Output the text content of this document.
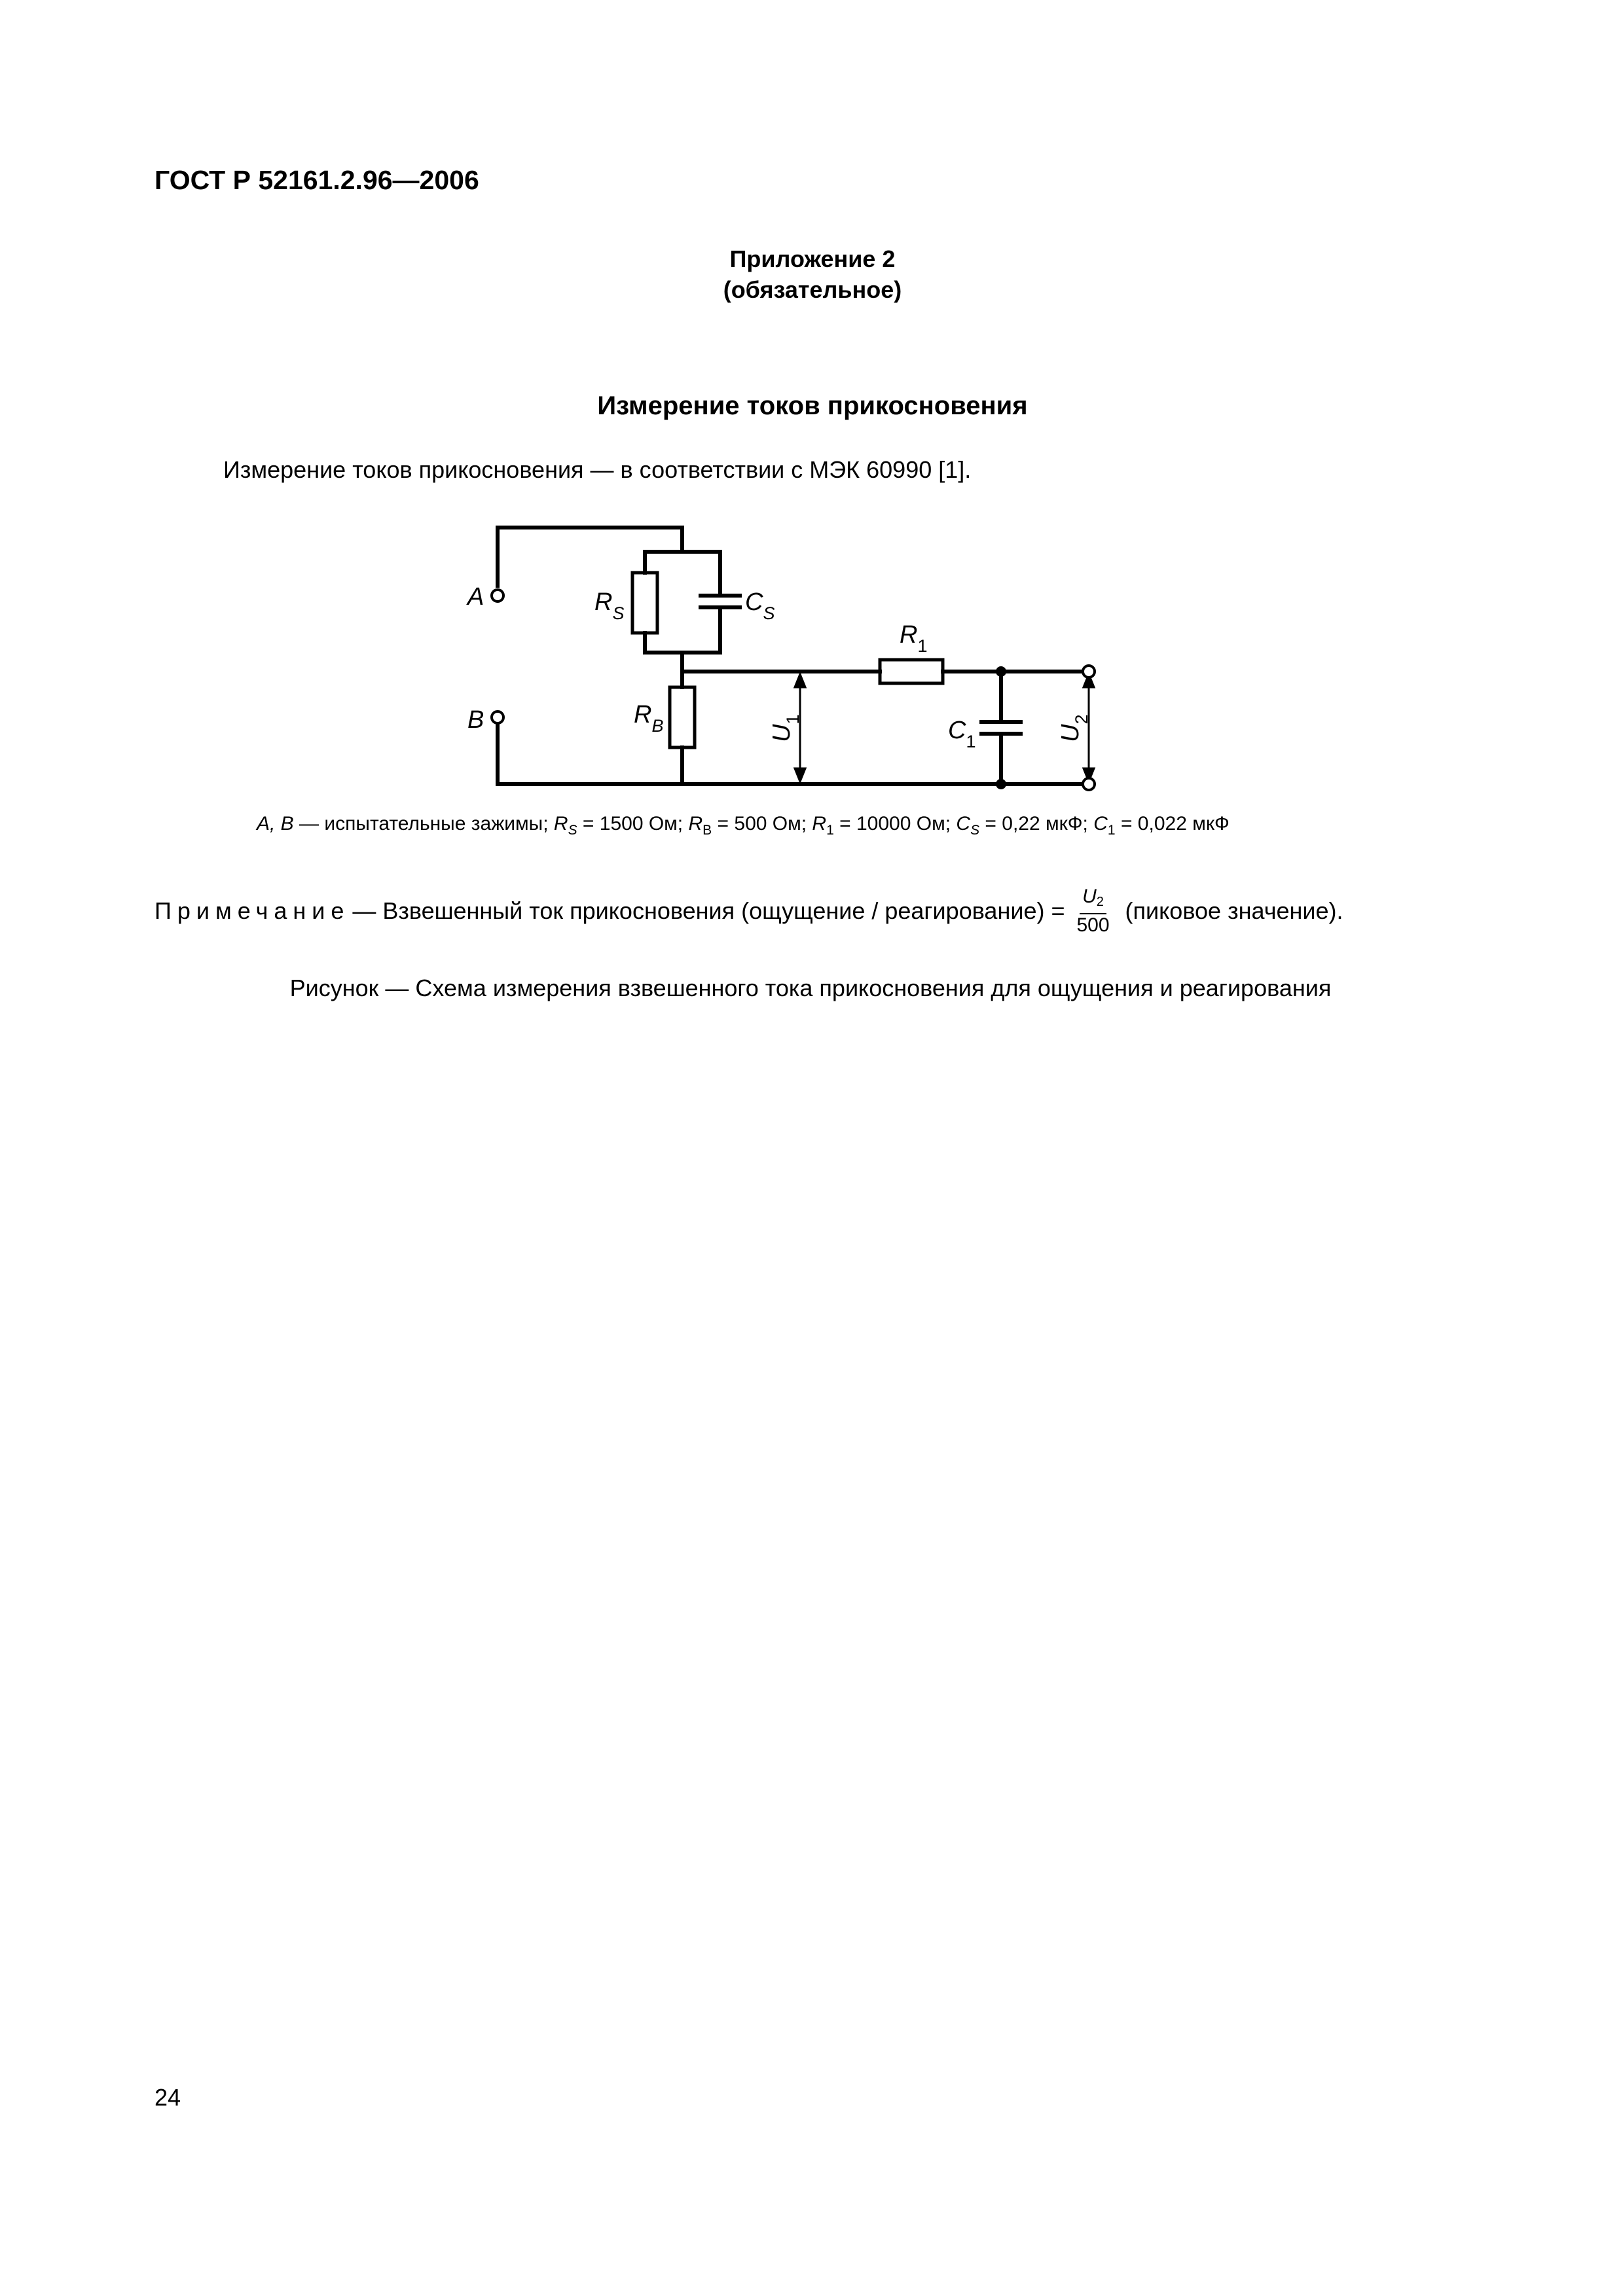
ГОСТ Р 52161.2.96—2006
Приложение 2
(обязательное)
Измерение токов прикосновения
Измерение токов прикосновения — в соответствии с МЭК 60990 [1].
A
B
$R_S$	$C_S$
$R_B$
$R_1$
$C_1$
$U_1$
$U_2$
A, B — испытательные зажимы; $R_S = 1500$ Ом; $R_В = 500$ Ом; $R_1 = 10000$ Ом; $C_S = 0,22$ мкФ; $C_1 = 0,022$ мкФ
Примечание — Взвешенный ток прикосновения (ощущение / реагирование) = $\frac{U_2}{500}$ (пиковое значение).
Рисунок — Схема измерения взвешенного тока прикосновения для ощущения и реагирования
24
